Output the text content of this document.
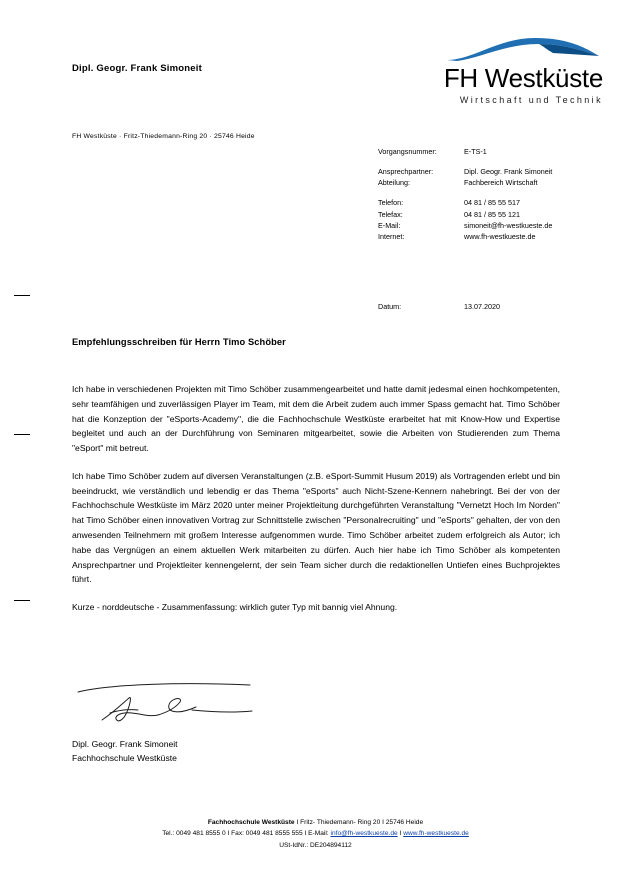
Dipl. Geogr. Frank Simoneit	FH Westküste
Wirtschaft und Technik
FH Westküste · Fritz-Thiedemann-Ring 20 · 25746 Heide
Vorgangsnummer:	E-TS-1
Ansprechpartner:	Dipl. Geogr. Frank Simoneit
Abteilung:	Fachbereich Wirtschaft
Telefon:	04 81 / 85 55 517
Telefax:	04 81 / 85 55 121
E-Mail:	simoneit@fh-westkueste.de
Internet:	www.fh-westkueste.de
Datum:	13.07.2020
Empfehlungsschreiben für Herrn Timo Schöber

Ich habe in verschiedenen Projekten mit Timo Schöber zusammengearbeitet und hatte damit jedesmal einen hochkompetenten, sehr teamfähigen und zuverlässigen Player im Team, mit dem die Arbeit zudem auch immer Spass gemacht hat. Timo Schöber hat die Konzeption der "eSports-Academy", die die Fachhochschule Westküste erarbeitet hat mit Know-How und Expertise begleitet und auch an der Durchführung von Seminaren mitgearbeitet, sowie die Arbeiten von Studierenden zum Thema "eSport" mit betreut.

Ich habe Timo Schöber zudem auf diversen Veranstaltungen (z.B. eSport-Summit Husum 2019) als Vortragenden erlebt und bin beeindruckt, wie verständlich und lebendig er das Thema "eSports" auch Nicht-Szene-Kennern nahebringt. Bei der von der Fachhochschule Westküste im März 2020 unter meiner Projektleitung durchgeführten Veranstaltung "Vernetzt Hoch Im Norden" hat Timo Schöber einen innovativen Vortrag zur Schnittstelle zwischen "Personalrecruiting" und "eSports" gehalten, der von den anwesenden Teilnehmern mit großem Interesse aufgenommen wurde. Timo Schöber arbeitet zudem erfolgreich als Autor; ich habe das Vergnügen an einem aktuellen Werk mitarbeiten zu dürfen. Auch hier habe ich Timo Schöber als kompetenten Ansprechpartner und Projektleiter kennengelernt, der sein Team sicher durch die redaktionellen Untiefen eines Buchprojektes führt.

Kurze - norddeutsche - Zusammenfassung: wirklich guter Typ mit bannig viel Ahnung.

Dipl. Geogr. Frank Simoneit
Fachhochschule Westküste
Fachhochschule Westküste I Fritz- Thiedemann- Ring 20 I 25746 Heide
Tel.: 0049 481 8555 0 I Fax: 0049 481 8555 555 I E-Mail: info@fh-westkueste.de I www.fh-westkueste.de
USt-IdNr.: DE204894112
